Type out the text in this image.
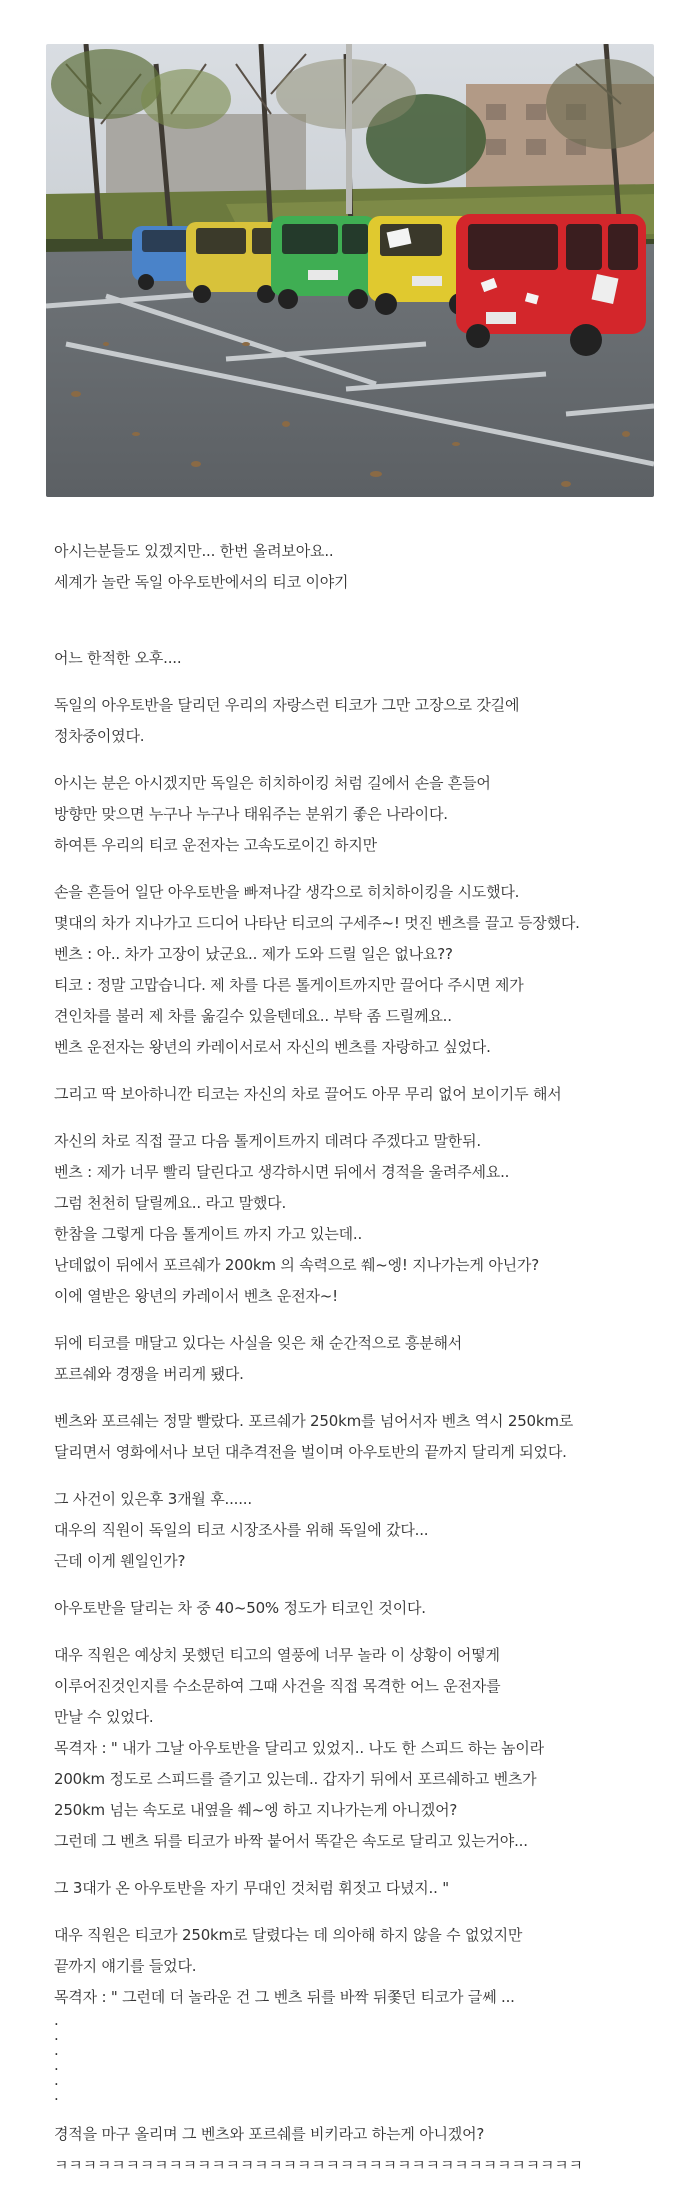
아시는분들도 있겠지만... 한번 올려보아요..
세계가 놀란 독일 아우토반에서의 티코 이야기
어느 한적한 오후....
독일의 아우토반을 달리던 우리의 자랑스런 티코가 그만 고장으로 갓길에
정차중이였다.
아시는 분은 아시겠지만 독일은 히치하이킹 처럼 길에서 손을 흔들어
방향만 맞으면 누구나 누구나 태워주는 분위기 좋은 나라이다.
하여튼 우리의 티코 운전자는 고속도로이긴 하지만
손을 흔들어 일단 아우토반을 빠져나갈 생각으로 히치하이킹을 시도했다.
몇대의 차가 지나가고 드디어 나타난 티코의 구세주~! 멋진 벤츠를 끌고 등장했다.
벤츠 : 아.. 차가 고장이 났군요.. 제가 도와 드릴 일은 없나요??
티코 : 정말 고맙습니다. 제 차를 다른 톨게이트까지만 끌어다 주시면 제가
견인차를 불러 제 차를 옮길수 있을텐데요.. 부탁 좀 드릴께요..
벤츠 운전자는 왕년의 카레이서로서 자신의 벤츠를 자랑하고 싶었다.
그리고 딱 보아하니깐 티코는 자신의 차로 끌어도 아무 무리 없어 보이기두 해서
자신의 차로 직접 끌고 다음 톨게이트까지 데려다 주겠다고 말한뒤.
벤츠 : 제가 너무 빨리 달린다고 생각하시면 뒤에서 경적을 울려주세요..
그럼 천천히 달릴께요.. 라고 말했다.
한참을 그렇게 다음 톨게이트 까지 가고 있는데..
난데없이 뒤에서 포르쉐가 200km 의 속력으로 쒜~엥! 지나가는게 아닌가?
이에 열받은 왕년의 카레이서 벤츠 운전자~!
뒤에 티코를 매달고 있다는 사실을 잊은 채 순간적으로 흥분해서
포르쉐와 경쟁을 버리게 됐다.
벤츠와 포르쉐는 정말 빨랐다. 포르쉐가 250km를 넘어서자 벤츠 역시 250km로
달리면서 영화에서나 보던 대추격전을 벌이며 아우토반의 끝까지 달리게 되었다.
그 사건이 있은후 3개월 후......
대우의 직원이 독일의 티코 시장조사를 위해 독일에 갔다...
근데 이게 웬일인가?
아우토반을 달리는 차 중 40~50% 정도가 티코인 것이다.
대우 직원은 예상치 못했던 티고의 열풍에 너무 놀라 이 상황이 어떻게
이루어진것인지를 수소문하여 그때 사건을 직접 목격한 어느 운전자를
만날 수 있었다.
목격자 : " 내가 그날 아우토반을 달리고 있었지.. 나도 한 스피드 하는 놈이라
200km 정도로 스피드를 즐기고 있는데.. 갑자기 뒤에서 포르쉐하고 벤츠가
250km 넘는 속도로 내옆을 쒜~엥 하고 지나가는게 아니겠어?
그런데 그 벤츠 뒤를 티코가 바짝 붙어서 똑같은 속도로 달리고 있는거야...
그 3대가 온 아우토반을 자기 무대인 것처럼 휘젓고 다녔지.. "
대우 직원은 티코가 250km로 달렸다는 데 의아해 하지 않을 수 없었지만
끝까지 얘기를 들었다.
목격자 : " 그런데 더 놀라운 건 그 벤츠 뒤를 바짝 뒤쫓던 티코가 글쎄 ...
.
.
.
.
.
.
경적을 마구 올리며 그 벤츠와 포르쉐를 비키라고 하는게 아니겠어?
ㅋㅋㅋㅋㅋㅋㅋㅋㅋㅋㅋㅋㅋㅋㅋㅋㅋㅋㅋㅋㅋㅋㅋㅋㅋㅋㅋㅋㅋㅋㅋㅋㅋㅋㅋㅋㅋ
